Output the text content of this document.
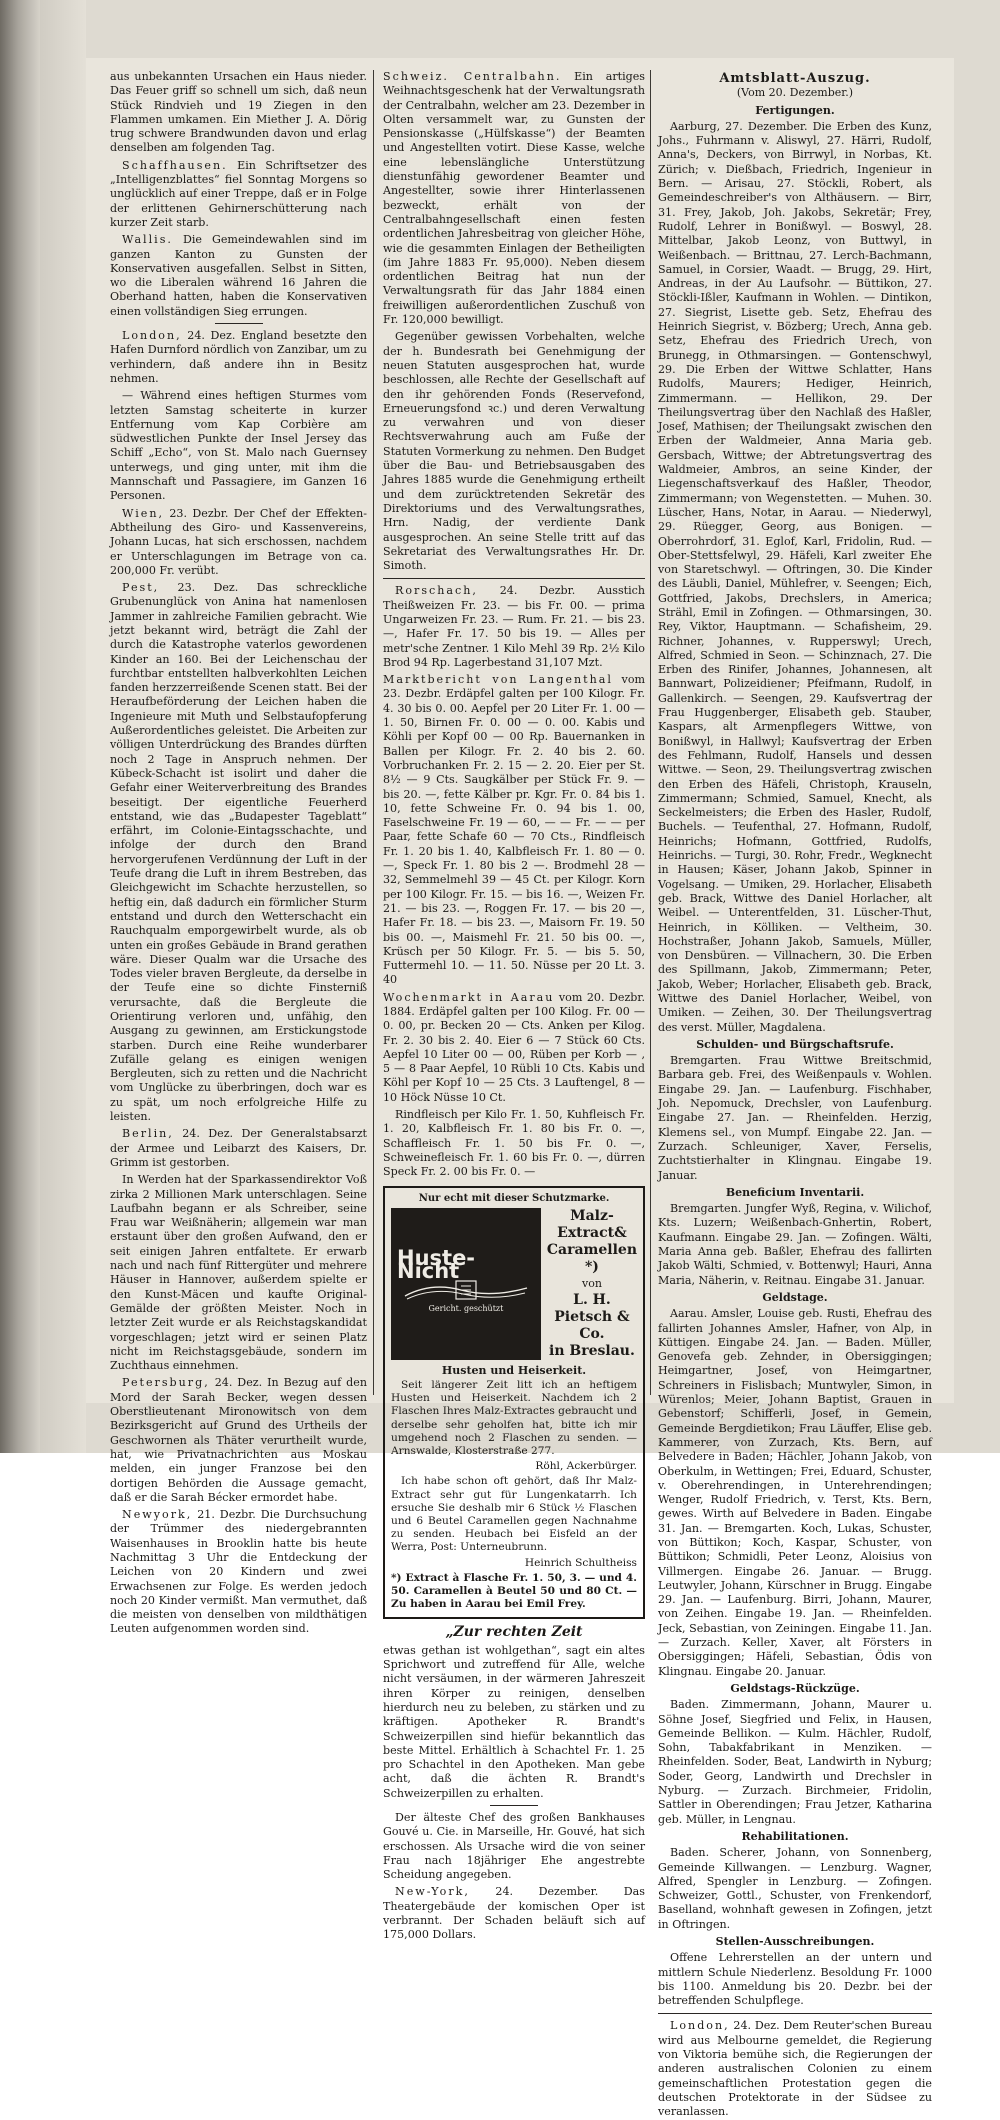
aus unbekannten Ursachen ein Haus nieder. Das Feuer griff so schnell um sich, daß neun Stück Rindvieh und 19 Ziegen in den Flammen umkamen. Ein Miether J. A. Dörig trug schwere Brandwunden davon und erlag denselben am folgenden Tag.

Schaffhausen. Ein Schriftsetzer des „Intelligenzblattes“ fiel Sonntag Morgens so unglücklich auf einer Treppe, daß er in Folge der erlittenen Gehirnerschütterung nach kurzer Zeit starb.

Wallis. Die Gemeindewahlen sind im ganzen Kanton zu Gunsten der Konservativen ausgefallen. Selbst in Sitten, wo die Liberalen während 16 Jahren die Oberhand hatten, haben die Konservativen einen vollständigen Sieg errungen.

London, 24. Dez. England besetzte den Hafen Durnford nördlich von Zanzibar, um zu verhindern, daß andere ihn in Besitz nehmen.

— Während eines heftigen Sturmes vom letzten Samstag scheiterte in kurzer Entfernung vom Kap Corbière am südwestlichen Punkte der Insel Jersey das Schiff „Echo“, von St. Malo nach Guernsey unterwegs, und ging unter, mit ihm die Mannschaft und Passagiere, im Ganzen 16 Personen.

Wien, 23. Dezbr. Der Chef der Effekten-Abtheilung des Giro- und Kassenvereins, Johann Lucas, hat sich erschossen, nachdem er Unterschlagungen im Betrage von ca. 200,000 Fr. verübt.

Pest, 23. Dez. Das schreckliche Grubenunglück von Anina hat namenlosen Jammer in zahlreiche Familien gebracht. Wie jetzt bekannt wird, beträgt die Zahl der durch die Katastrophe vaterlos gewordenen Kinder an 160. Bei der Leichenschau der furchtbar entstellten halbverkohlten Leichen fanden herzzerreißende Scenen statt. Bei der Heraufbeförderung der Leichen haben die Ingenieure mit Muth und Selbstaufopferung Außerordentliches geleistet. Die Arbeiten zur völligen Unterdrückung des Brandes dürften noch 2 Tage in Anspruch nehmen. Der Kübeck-Schacht ist isolirt und daher die Gefahr einer Weiterverbreitung des Brandes beseitigt. Der eigentliche Feuerherd entstand, wie das „Budapester Tageblatt“ erfährt, im Colonie-Eintagsschachte, und infolge der durch den Brand hervorgerufenen Verdünnung der Luft in der Teufe drang die Luft in ihrem Bestreben, das Gleichgewicht im Schachte herzustellen, so heftig ein, daß dadurch ein förmlicher Sturm entstand und durch den Wetterschacht ein Rauchqualm emporgewirbelt wurde, als ob unten ein großes Gebäude in Brand gerathen wäre. Dieser Qualm war die Ursache des Todes vieler braven Bergleute, da derselbe in der Teufe eine so dichte Finsterniß verursachte, daß die Bergleute die Orientirung verloren und, unfähig, den Ausgang zu gewinnen, am Erstickungstode starben. Durch eine Reihe wunderbarer Zufälle gelang es einigen wenigen Bergleuten, sich zu retten und die Nachricht vom Unglücke zu überbringen, doch war es zu spät, um noch erfolgreiche Hilfe zu leisten.

Berlin, 24. Dez. Der Generalstabsarzt der Armee und Leibarzt des Kaisers, Dr. Grimm ist gestorben.

In Werden hat der Sparkassendirektor Voß zirka 2 Millionen Mark unterschlagen. Seine Laufbahn begann er als Schreiber, seine Frau war Weißnäherin; allgemein war man erstaunt über den großen Aufwand, den er seit einigen Jahren entfaltete. Er erwarb nach und nach fünf Rittergüter und mehrere Häuser in Hannover, außerdem spielte er den Kunst-Mäcen und kaufte Original-Gemälde der größten Meister. Noch in letzter Zeit wurde er als Reichstagskandidat vorgeschlagen; jetzt wird er seinen Platz nicht im Reichstagsgebäude, sondern im Zuchthaus einnehmen.

Petersburg, 24. Dez. In Bezug auf den Mord der Sarah Becker, wegen dessen Oberstlieutenant Mironowitsch von dem Bezirksgericht auf Grund des Urtheils der Geschwornen als Thäter verurtheilt wurde, hat, wie Privatnachrichten aus Moskau melden, ein junger Franzose bei den dortigen Behörden die Aussage gemacht, daß er die Sarah Bécker ermordet habe.

Newyork, 21. Dezbr. Die Durchsuchung der Trümmer des niedergebrannten Waisenhauses in Brooklin hatte bis heute Nachmittag 3 Uhr die Entdeckung der Leichen von 20 Kindern und zwei Erwachsenen zur Folge. Es werden jedoch noch 20 Kinder vermißt. Man vermuthet, daß die meisten von denselben von mildthätigen Leuten aufgenommen worden sind.

Schweiz. Centralbahn. Ein artiges Weihnachtsgeschenk hat der Verwaltungsrath der Centralbahn, welcher am 23. Dezember in Olten versammelt war, zu Gunsten der Pensionskasse („Hülfskasse“) der Beamten und Angestellten votirt. Diese Kasse, welche eine lebenslängliche Unterstützung dienstunfähig gewordener Beamter und Angestellter, sowie ihrer Hinterlassenen bezweckt, erhält von der Centralbahngesellschaft einen festen ordentlichen Jahresbeitrag von gleicher Höhe, wie die gesammten Einlagen der Betheiligten (im Jahre 1883 Fr. 95,000). Neben diesem ordentlichen Beitrag hat nun der Verwaltungsrath für das Jahr 1884 einen freiwilligen außerordentlichen Zuschuß von Fr. 120,000 bewilligt.

Gegenüber gewissen Vorbehalten, welche der h. Bundesrath bei Genehmigung der neuen Statuten ausgesprochen hat, wurde beschlossen, alle Rechte der Gesellschaft auf den ihr gehörenden Fonds (Reservefond, Erneuerungsfond ꝛc.) und deren Verwaltung zu verwahren und von dieser Rechtsverwahrung auch am Fuße der Statuten Vormerkung zu nehmen. Den Budget über die Bau- und Betriebsausgaben des Jahres 1885 wurde die Genehmigung ertheilt und dem zurücktretenden Sekretär des Direktoriums und des Verwaltungsrathes, Hrn. Nadig, der verdiente Dank ausgesprochen. An seine Stelle tritt auf das Sekretariat des Verwaltungsrathes Hr. Dr. Simoth.

Rorschach, 24. Dezbr. Ausstich Theißweizen Fr. 23. — bis Fr. 00. — prima Ungarweizen Fr. 23. — Rum. Fr. 21. — bis 23. —, Hafer Fr. 17. 50 bis 19. — Alles per metr'sche Zentner. 1 Kilo Mehl 39 Rp. 2½ Kilo Brod 94 Rp. Lagerbestand 31,107 Mzt.

Marktbericht von Langenthal vom 23. Dezbr. Erdäpfel galten per 100 Kilogr. Fr. 4. 30 bis 0. 00. Aepfel per 20 Liter Fr. 1. 00 — 1. 50, Birnen Fr. 0. 00 — 0. 00. Kabis und Köhli per Kopf 00 — 00 Rp. Bauernanken in Ballen per Kilogr. Fr. 2. 40 bis 2. 60. Vorbruchanken Fr. 2. 15 — 2. 20. Eier per St. 8½ — 9 Cts. Saugkälber per Stück Fr. 9. — bis 20. —, fette Kälber pr. Kgr. Fr. 0. 84 bis 1. 10, fette Schweine Fr. 0. 94 bis 1. 00, Faselschweine Fr. 19 — 60, — — Fr. — — per Paar, fette Schafe 60 — 70 Cts., Rindfleisch Fr. 1. 20 bis 1. 40, Kalbfleisch Fr. 1. 80 — 0. —, Speck Fr. 1. 80 bis 2 —. Brodmehl 28 — 32, Semmelmehl 39 — 45 Ct. per Kilogr. Korn per 100 Kilogr. Fr. 15. — bis 16. —, Weizen Fr. 21. — bis 23. —, Roggen Fr. 17. — bis 20 —, Hafer Fr. 18. — bis 23. —, Maisorn Fr. 19. 50 bis 00. —, Maismehl Fr. 21. 50 bis 00. —, Krüsch per 50 Kilogr. Fr. 5. — bis 5. 50, Futtermehl 10. — 11. 50. Nüsse per 20 Lt. 3. 40

Wochenmarkt in Aarau vom 20. Dezbr. 1884. Erdäpfel galten per 100 Kilog. Fr. 00 — 0. 00, pr. Becken 20 — Cts. Anken per Kilog. Fr. 2. 30 bis 2. 40. Eier 6 — 7 Stück 60 Cts. Aepfel 10 Liter 00 — 00, Rüben per Korb — , 5 — 8 Paar Aepfel, 10 Rübli 10 Cts. Kabis und Köhl per Kopf 10 — 25 Cts. 3 Lauftengel, 8 — 10 Höck Nüsse 10 Ct.

Rindfleisch per Kilo Fr. 1. 50, Kuhfleisch Fr. 1. 20, Kalbfleisch Fr. 1. 80 bis Fr. 0. —, Schaffleisch Fr. 1. 50 bis Fr. 0. —, Schweinefleisch Fr. 1. 60 bis Fr. 0. —, dürren Speck Fr. 2. 00 bis Fr. 0. —

Nur echt mit dieser Schutzmarke.
Huste-Nicht
Gericht. geschützt
Malz-Extract&
Caramellen *)
von
L. H. Pietsch & Co.
in Breslau.
Husten und Heiserkeit.

Seit längerer Zeit litt ich an heftigem Husten und Heiserkeit. Nachdem ich 2 Flaschen Ihres Malz-Extractes gebraucht und derselbe sehr geholfen hat, bitte ich mir umgehend noch 2 Flaschen zu senden. — Arnswalde, Klosterstraße 277.

Röhl, Ackerbürger.

Ich habe schon oft gehört, daß Ihr Malz-Extract sehr gut für Lungenkatarrh. Ich ersuche Sie deshalb mir 6 Stück ½ Flaschen und 6 Beutel Caramellen gegen Nachnahme zu senden. Heubach bei Eisfeld an der Werra, Post: Unterneubrunn.

Heinrich Schultheiss

*) Extract à Flasche Fr. 1. 50, 3. — und 4. 50. Caramellen à Beutel 50 und 80 Ct. — Zu haben in Aarau bei Emil Frey.

„Zur rechten Zeit

etwas gethan ist wohlgethan“, sagt ein altes Sprichwort und zutreffend für Alle, welche nicht versäumen, in der wärmeren Jahreszeit ihren Körper zu reinigen, denselben hierdurch neu zu beleben, zu stärken und zu kräftigen. Apotheker R. Brandt's Schweizerpillen sind hiefür bekanntlich das beste Mittel. Erhältlich à Schachtel Fr. 1. 25 pro Schachtel in den Apotheken. Man gebe acht, daß die ächten R. Brandt's Schweizerpillen zu erhalten.

Der älteste Chef des großen Bankhauses Gouvé u. Cie. in Marseille, Hr. Gouvé, hat sich erschossen. Als Ursache wird die von seiner Frau nach 18jähriger Ehe angestrebte Scheidung angegeben.

New-York, 24. Dezember. Das Theatergebäude der komischen Oper ist verbrannt. Der Schaden beläuft sich auf 175,000 Dollars.

Amtsblatt-Auszug.
(Vom 20. Dezember.)
Fertigungen.

Aarburg, 27. Dezember. Die Erben des Kunz, Johs., Fuhrmann v. Aliswyl, 27. Härri, Rudolf, Anna's, Deckers, von Birrwyl, in Norbas, Kt. Zürich; v. Dießbach, Friedrich, Ingenieur in Bern. — Arisau, 27. Stöckli, Robert, als Gemeindeschreiber's von Althäusern. — Birr, 31. Frey, Jakob, Joh. Jakobs, Sekretär; Frey, Rudolf, Lehrer in Bonißwyl. — Boswyl, 28. Mittelbar, Jakob Leonz, von Buttwyl, in Weißenbach. — Brittnau, 27. Lerch-Bachmann, Samuel, in Corsier, Waadt. — Brugg, 29. Hirt, Andreas, in der Au Laufsohr. — Büttikon, 27. Stöckli-Ißler, Kaufmann in Wohlen. — Dintikon, 27. Siegrist, Lisette geb. Setz, Ehefrau des Heinrich Siegrist, v. Bözberg; Urech, Anna geb. Setz, Ehefrau des Friedrich Urech, von Brunegg, in Othmarsingen. — Gontenschwyl, 29. Die Erben der Wittwe Schlatter, Hans Rudolfs, Maurers; Hediger, Heinrich, Zimmermann. — Hellikon, 29. Der Theilungsvertrag über den Nachlaß des Haßler, Josef, Mathisen; der Theilungsakt zwischen den Erben der Waldmeier, Anna Maria geb. Gersbach, Wittwe; der Abtretungsvertrag des Waldmeier, Ambros, an seine Kinder, der Liegenschaftsverkauf des Haßler, Theodor, Zimmermann; von Wegenstetten. — Muhen. 30. Lüscher, Hans, Notar, in Aarau. — Niederwyl, 29. Rüegger, Georg, aus Bonigen. — Oberrohrdorf, 31. Eglof, Karl, Fridolin, Rud. — Ober-Stettsfelwyl, 29. Häfeli, Karl zweiter Ehe von Staretschwyl. — Oftringen, 30. Die Kinder des Läubli, Daniel, Mühlefrer, v. Seengen; Eich, Gottfried, Jakobs, Drechslers, in America; Strähl, Emil in Zofingen. — Othmarsingen, 30. Rey, Viktor, Hauptmann. — Schafisheim, 29. Richner, Johannes, v. Rupperswyl; Urech, Alfred, Schmied in Seon. — Schinznach, 27. Die Erben des Rinifer, Johannes, Johannesen, alt Bannwart, Polizeidiener; Pfeifmann, Rudolf, in Gallenkirch. — Seengen, 29. Kaufsvertrag der Frau Huggenberger, Elisabeth geb. Stauber, Kaspars, alt Armenpflegers Wittwe, von Bonißwyl, in Hallwyl; Kaufsvertrag der Erben des Fehlmann, Rudolf, Hansels und dessen Wittwe. — Seon, 29. Theilungsvertrag zwischen den Erben des Häfeli, Christoph, Krauseln, Zimmermann; Schmied, Samuel, Knecht, als Seckelmeisters; die Erben des Hasler, Rudolf, Buchels. — Teufenthal, 27. Hofmann, Rudolf, Heinrichs; Hofmann, Gottfried, Rudolfs, Heinrichs. — Turgi, 30. Rohr, Fredr., Wegknecht in Hausen; Käser, Johann Jakob, Spinner in Vogelsang. — Umiken, 29. Horlacher, Elisabeth geb. Brack, Wittwe des Daniel Horlacher, alt Weibel. — Unterentfelden, 31. Lüscher-Thut, Heinrich, in Kölliken. — Veltheim, 30. Hochstraßer, Johann Jakob, Samuels, Müller, von Densbüren. — Villnachern, 30. Die Erben des Spillmann, Jakob, Zimmermann; Peter, Jakob, Weber; Horlacher, Elisabeth geb. Brack, Wittwe des Daniel Horlacher, Weibel, von Umiken. — Zeihen, 30. Der Theilungsvertrag des verst. Müller, Magdalena.

Schulden- und Bürgschaftsrufe.

Bremgarten. Frau Wittwe Breitschmid, Barbara geb. Frei, des Weißenpauls v. Wohlen. Eingabe 29. Jan. — Laufenburg. Fischhaber, Joh. Nepomuck, Drechsler, von Laufenburg. Eingabe 27. Jan. — Rheinfelden. Herzig, Klemens sel., von Mumpf. Eingabe 22. Jan. — Zurzach. Schleuniger, Xaver, Ferselis, Zuchtstierhalter in Klingnau. Eingabe 19. Januar.

Beneficium Inventarii.

Bremgarten. Jungfer Wyß, Regina, v. Wilichof, Kts. Luzern; Weißenbach-Gnhertin, Robert, Kaufmann. Eingabe 29. Jan. — Zofingen. Wälti, Maria Anna geb. Baßler, Ehefrau des fallirten Jakob Wälti, Schmied, v. Bottenwyl; Hauri, Anna Maria, Näherin, v. Reitnau. Eingabe 31. Januar.

Geldstage.

Aarau. Amsler, Louise geb. Rusti, Ehefrau des fallirten Johannes Amsler, Hafner, von Alp, in Küttigen. Eingabe 24. Jan. — Baden. Müller, Genovefa geb. Zehnder, in Obersiggingen; Heimgartner, Josef, von Heimgartner, Schreiners in Fislisbach; Muntwyler, Simon, in Würenlos; Meier, Johann Baptist, Grauen in Gebenstorf; Schifferli, Josef, in Gemein, Gemeinde Bergdietikon; Frau Läuffer, Elise geb. Kammerer, von Zurzach, Kts. Bern, auf Belvedere in Baden; Hächler, Johann Jakob, von Oberkulm, in Wettingen; Frei, Eduard, Schuster, v. Oberehrendingen, in Unterehrendingen; Wenger, Rudolf Friedrich, v. Terst, Kts. Bern, gewes. Wirth auf Belvedere in Baden. Eingabe 31. Jan. — Bremgarten. Koch, Lukas, Schuster, von Büttikon; Koch, Kaspar, Schuster, von Büttikon; Schmidli, Peter Leonz, Aloisius von Villmergen. Eingabe 26. Januar. — Brugg. Leutwyler, Johann, Kürschner in Brugg. Eingabe 29. Jan. — Laufenburg. Birri, Johann, Maurer, von Zeihen. Eingabe 19. Jan. — Rheinfelden. Jeck, Sebastian, von Zeiningen. Eingabe 11. Jan. — Zurzach. Keller, Xaver, alt Försters in Obersiggingen; Häfeli, Sebastian, Ödis von Klingnau. Eingabe 20. Januar.

Geldstags-Rückzüge.

Baden. Zimmermann, Johann, Maurer u. Söhne Josef, Siegfried und Felix, in Hausen, Gemeinde Bellikon. — Kulm. Hächler, Rudolf, Sohn, Tabakfabrikant in Menziken. — Rheinfelden. Soder, Beat, Landwirth in Nyburg; Soder, Georg, Landwirth und Drechsler in Nyburg. — Zurzach. Birchmeier, Fridolin, Sattler in Oberendingen; Frau Jetzer, Katharina geb. Müller, in Lengnau.

Rehabilitationen.

Baden. Scherer, Johann, von Sonnenberg, Gemeinde Killwangen. — Lenzburg. Wagner, Alfred, Spengler in Lenzburg. — Zofingen. Schweizer, Gottl., Schuster, von Frenkendorf, Baselland, wohnhaft gewesen in Zofingen, jetzt in Oftringen.

Stellen-Ausschreibungen.

Offene Lehrerstellen an der untern und mittlern Schule Niederlenz. Besoldung Fr. 1000 bis 1100. Anmeldung bis 20. Dezbr. bei der betreffenden Schulpflege.

London, 24. Dez. Dem Reuter'schen Bureau wird aus Melbourne gemeldet, die Regierung von Viktoria bemühe sich, die Regierungen der anderen australischen Colonien zu einem gemeinschaftlichen Protestation gegen die deutschen Protektorate in der Südsee zu veranlassen.
